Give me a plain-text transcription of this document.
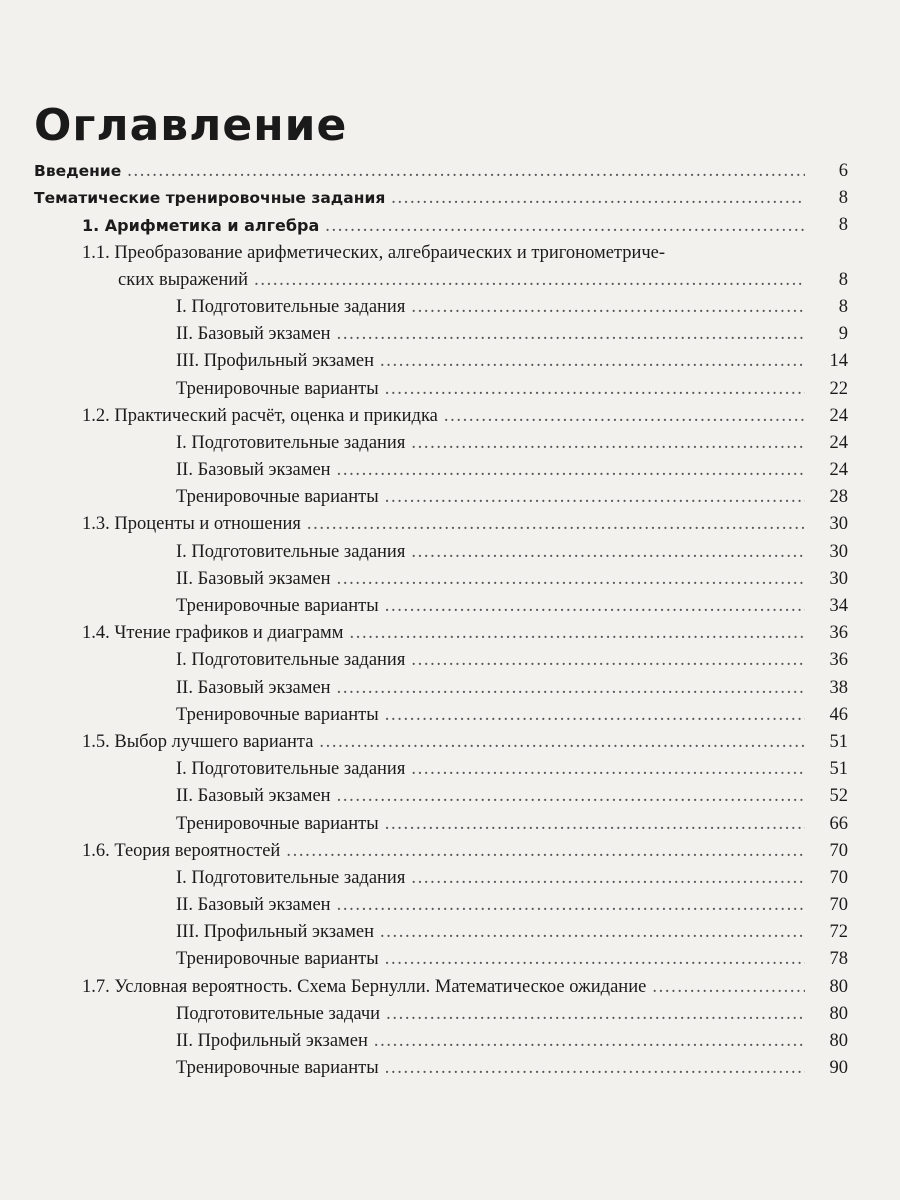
Оглавление
Введение . . .	6
Тематические тренировочные задания . . .	8
1. Арифметика и алгебра . . .	8
1.1. Преобразование арифметических, алгебраических и тригонометриче-
ских выражений . . .	8
I. Подготовительные задания . . .	8
II. Базовый экзамен . . .	9
III. Профильный экзамен . . .	14
Тренировочные варианты . . .	22
1.2. Практический расчёт, оценка и прикидка . . .	24
I. Подготовительные задания . . .	24
II. Базовый экзамен . . .	24
Тренировочные варианты . . .	28
1.3. Проценты и отношения . . .	30
I. Подготовительные задания . . .	30
II. Базовый экзамен . . .	30
Тренировочные варианты . . .	34
1.4. Чтение графиков и диаграмм . . .	36
I. Подготовительные задания . . .	36
II. Базовый экзамен . . .	38
Тренировочные варианты . . .	46
1.5. Выбор лучшего варианта . . .	51
I. Подготовительные задания . . .	51
II. Базовый экзамен . . .	52
Тренировочные варианты . . .	66
1.6. Теория вероятностей . . .	70
I. Подготовительные задания . . .	70
II. Базовый экзамен . . .	70
III. Профильный экзамен . . .	72
Тренировочные варианты . . .	78
1.7. Условная вероятность. Схема Бернулли. Математическое ожидание . . .	80
Подготовительные задачи . . .	80
II. Профильный экзамен . . .	80
Тренировочные варианты . . .	90
